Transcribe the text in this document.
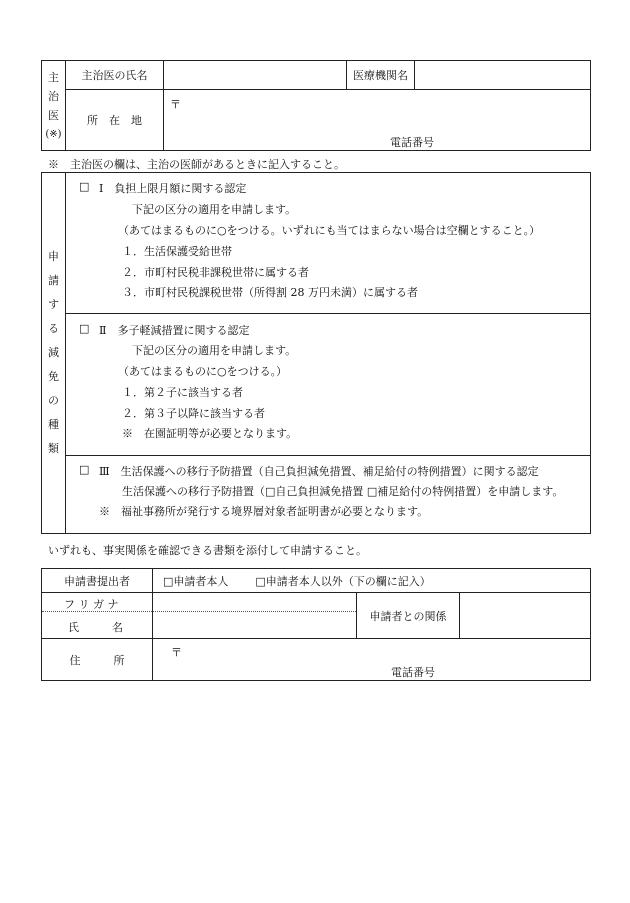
主
治
医
(※)	主治医の氏名		医療機関名	
	所　在　地	〒
電話番号		
※　主治医の欄は、主治の医師があるときに記入すること。
申
請
す
る
減
免
の
種
類

□ Ⅰ　負担上限月額に関する認定
下記の区分の適用を申請します。
（あてはまるものに○をつける。いずれにも当てはまらない場合は空欄とすること。）
１．生活保護受給世帯
２．市町村民税非課税世帯に属する者
３．市町村民税課税世帯（所得割 28 万円未満）に属する者
□ Ⅱ　多子軽減措置に関する認定
下記の区分の適用を申請します。
（あてはまるものに○をつける。）
１．第２子に該当する者
２．第３子以降に該当する者
※　在園証明等が必要となります。
□ Ⅲ　生活保護への移行予防措置（自己負担減免措置、補足給付の特例措置）に関する認定
生活保護への移行予防措置（□自己負担減免措置 □補足給付の特例措置）を申請します。
※　福祉事務所が発行する境界層対象者証明書が必要となります。
いずれも、事実関係を確認できる書類を添付して申請すること。
申請書提出者	□申請者本人 □申請者本人以外（下の欄に記入）		

フ リ ガ ナ
氏　　　名		申請者との関係	
住　　　所	〒
電話番号		
